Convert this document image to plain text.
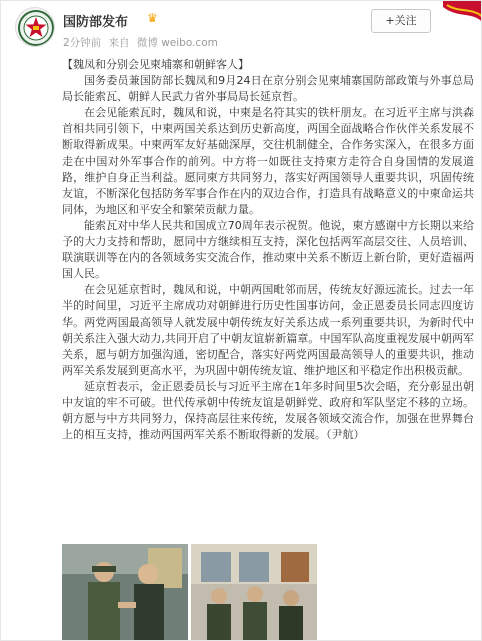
国防部发布 ♛	+关注
2分钟前 来自 微博 weibo.com
【魏凤和分别会见柬埔寨和朝鲜客人】

国务委员兼国防部长魏凤和9月24日在京分别会见柬埔寨国防部政策与外事总局局长能索瓦、朝鲜人民武力省外事局局长延京哲。

在会见能索瓦时，魏凤和说，中柬是名符其实的铁杆朋友。在习近平主席与洪森首相共同引领下，中柬两国关系达到历史新高度，两国全面战略合作伙伴关系发展不断取得新成果。中柬两军友好基础深厚，交往机制健全，合作务实深入，在很多方面走在中国对外军事合作的前列。中方将一如既往支持柬方走符合自身国情的发展道路，维护自身正当利益。愿同柬方共同努力，落实好两国领导人重要共识，巩固传统友谊，不断深化包括防务军事合作在内的双边合作，打造具有战略意义的中柬命运共同体，为地区和平安全和繁荣贡献力量。

能索瓦对中华人民共和国成立70周年表示祝贺。他说，柬方感谢中方长期以来给予的大力支持和帮助，愿同中方继续相互支持，深化包括两军高层交往、人员培训、联演联训等在内的各领域务实交流合作，推动柬中关系不断迈上新台阶，更好造福两国人民。

在会见延京哲时，魏凤和说，中朝两国毗邻而居，传统友好源远流长。过去一年半的时间里，习近平主席成功对朝鲜进行历史性国事访问，金正恩委员长同志四度访华。两党两国最高领导人就发展中朝传统友好关系达成一系列重要共识，为新时代中朝关系注入强大动力,共同开启了中朝友谊崭新篇章。中国军队高度重视发展中朝两军关系，愿与朝方加强沟通，密切配合，落实好两党两国最高领导人的重要共识，推动两军关系发展到更高水平，为巩固中朝传统友谊、维护地区和平稳定作出积极贡献。

延京哲表示，金正恩委员长与习近平主席在1年多时间里5次会晤，充分彰显出朝中友谊的牢不可破。世代传承朝中传统友谊是朝鲜党、政府和军队坚定不移的立场。朝方愿与中方共同努力，保持高层往来传统，发展各领域交流合作，加强在世界舞台上的相互支持，推动两国两军关系不断取得新的发展。（尹航）
